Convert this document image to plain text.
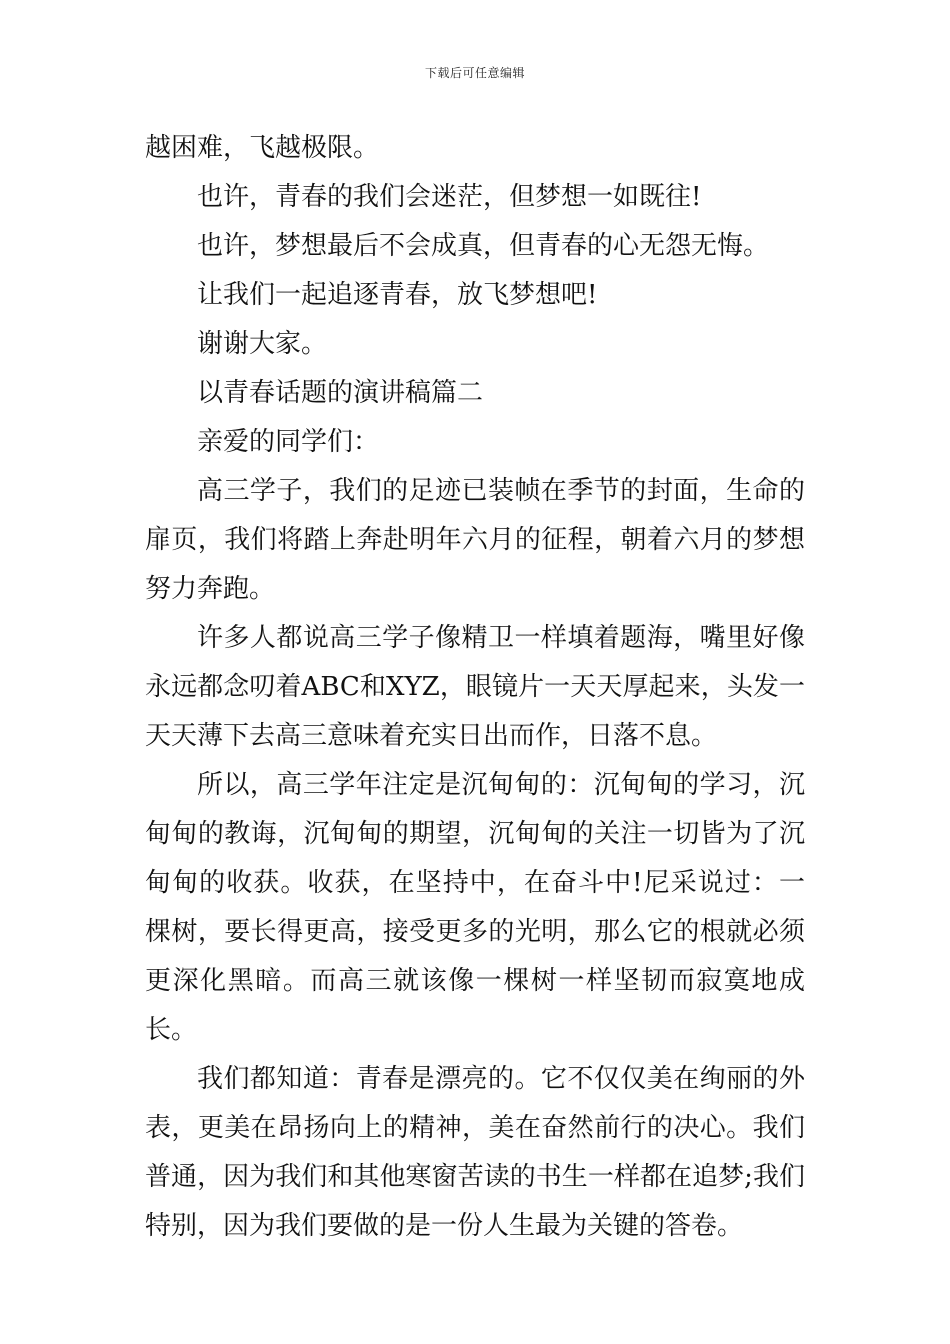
下载后可任意编辑

越困难，飞越极限。

也许，青春的我们会迷茫，但梦想一如既往!

也许，梦想最后不会成真，但青春的心无怨无悔。

让我们一起追逐青春，放飞梦想吧!

谢谢大家。

以青春话题的演讲稿篇二

亲爱的同学们：

高三学子，我们的足迹已装帧在季节的封面，生命的扉页，我们将踏上奔赴明年六月的征程，朝着六月的梦想努力奔跑。

许多人都说高三学子像精卫一样填着题海，嘴里好像永远都念叨着ABC和XYZ，眼镜片一天天厚起来，头发一天天薄下去高三意味着充实日出而作，日落不息。

所以，高三学年注定是沉甸甸的：沉甸甸的学习，沉甸甸的教诲，沉甸甸的期望，沉甸甸的关注一切皆为了沉甸甸的收获。收获，在坚持中，在奋斗中!尼采说过：一棵树，要长得更高，接受更多的光明，那么它的根就必须更深化黑暗。而高三就该像一棵树一样坚韧而寂寞地成长。

我们都知道：青春是漂亮的。它不仅仅美在绚丽的外表，更美在昂扬向上的精神，美在奋然前行的决心。我们普通，因为我们和其他寒窗苦读的书生一样都在追梦;我们特别，因为我们要做的是一份人生最为关键的答卷。
